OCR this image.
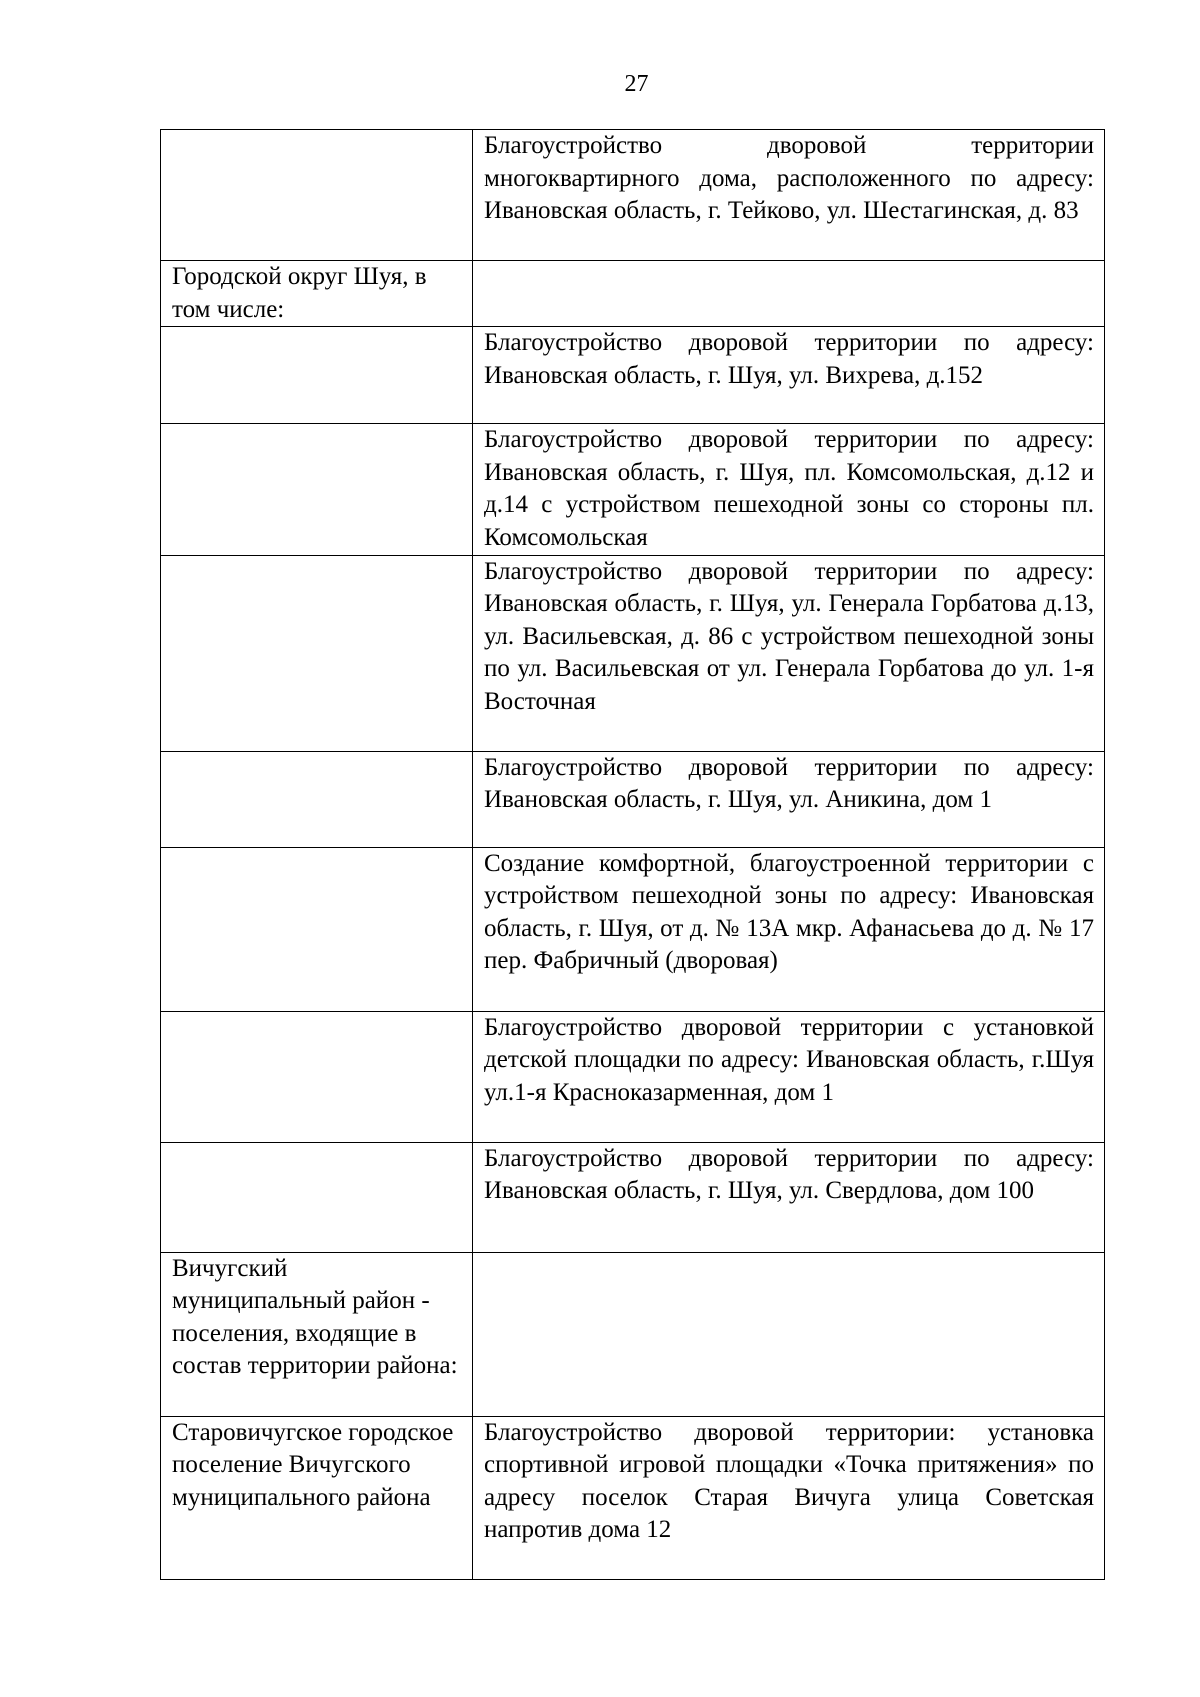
27
	Благоустройство дворовой территории многоквартирного дома, расположенного по адресу: Ивановская область, г. Тейково, ул. Шестагинская, д. 83
Городской округ Шуя, в том числе:	
	Благоустройство дворовой территории по адресу: Ивановская область, г. Шуя, ул. Вихрева, д.152
	Благоустройство дворовой территории по адресу: Ивановская область, г. Шуя, пл. Комсомольская, д.12 и д.14 с устройством пешеходной зоны со стороны пл. Комсомольская
	Благоустройство дворовой территории по адресу: Ивановская область, г. Шуя, ул. Генерала Горбатова д.13, ул. Васильевская, д. 86 с устройством пешеходной зоны по ул. Васильевская от ул. Генерала Горбатова до ул. 1-я Восточная
	Благоустройство дворовой территории по адресу: Ивановская область, г. Шуя, ул. Аникина, дом 1
	Создание комфортной, благоустроенной территории с устройством пешеходной зоны по адресу: Ивановская область, г. Шуя, от д. № 13А мкр. Афанасьева до д. № 17 пер. Фабричный (дворовая)
	Благоустройство дворовой территории с установкой детской площадки по адресу: Ивановская область, г.Шуя ул.1-я Красноказарменная, дом 1
	Благоустройство дворовой территории по адресу: Ивановская область, г. Шуя, ул. Свердлова, дом 100
Вичугский муниципальный район - поселения, входящие в состав территории района:	
Старовичугское городское поселение Вичугского муниципального района	Благоустройство дворовой территории: установка спортивной игровой площадки «Точка притяжения» по адресу поселок Старая Вичуга улица Советская напротив дома 12
